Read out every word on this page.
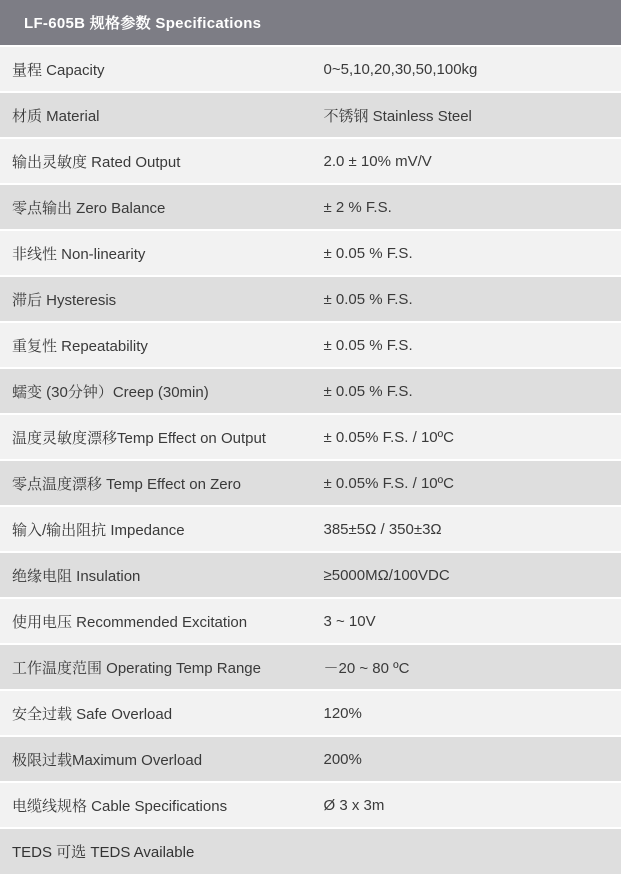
LF-605B 规格参数 Specifications	
量程 Capacity	0~5,10,20,30,50,100kg
材质 Material	不锈钢 Stainless Steel
输出灵敏度 Rated Output	2.0 ± 10% mV/V
零点输出 Zero Balance	± 2 % F.S.
非线性 Non-linearity	± 0.05 % F.S.
滞后 Hysteresis	± 0.05 % F.S.
重复性 Repeatability	± 0.05 % F.S.
蠕变 (30分钟）Creep (30min)	± 0.05 % F.S.
温度灵敏度漂移Temp Effect on Output	± 0.05% F.S. / 10ºC
零点温度漂移 Temp Effect on Zero	± 0.05% F.S. / 10ºC
输入/输出阻抗 Impedance	385±5Ω / 350±3Ω
绝缘电阻 Insulation	≥5000MΩ/100VDC
使用电压 Recommended Excitation	3 ~ 10V
工作温度范围 Operating Temp Range	－20 ~ 80 ºC
安全过载 Safe Overload	120%
极限过载Maximum Overload	200%
电缆线规格 Cable Specifications	Ø 3 x 3m
TEDS 可选 TEDS Available	
